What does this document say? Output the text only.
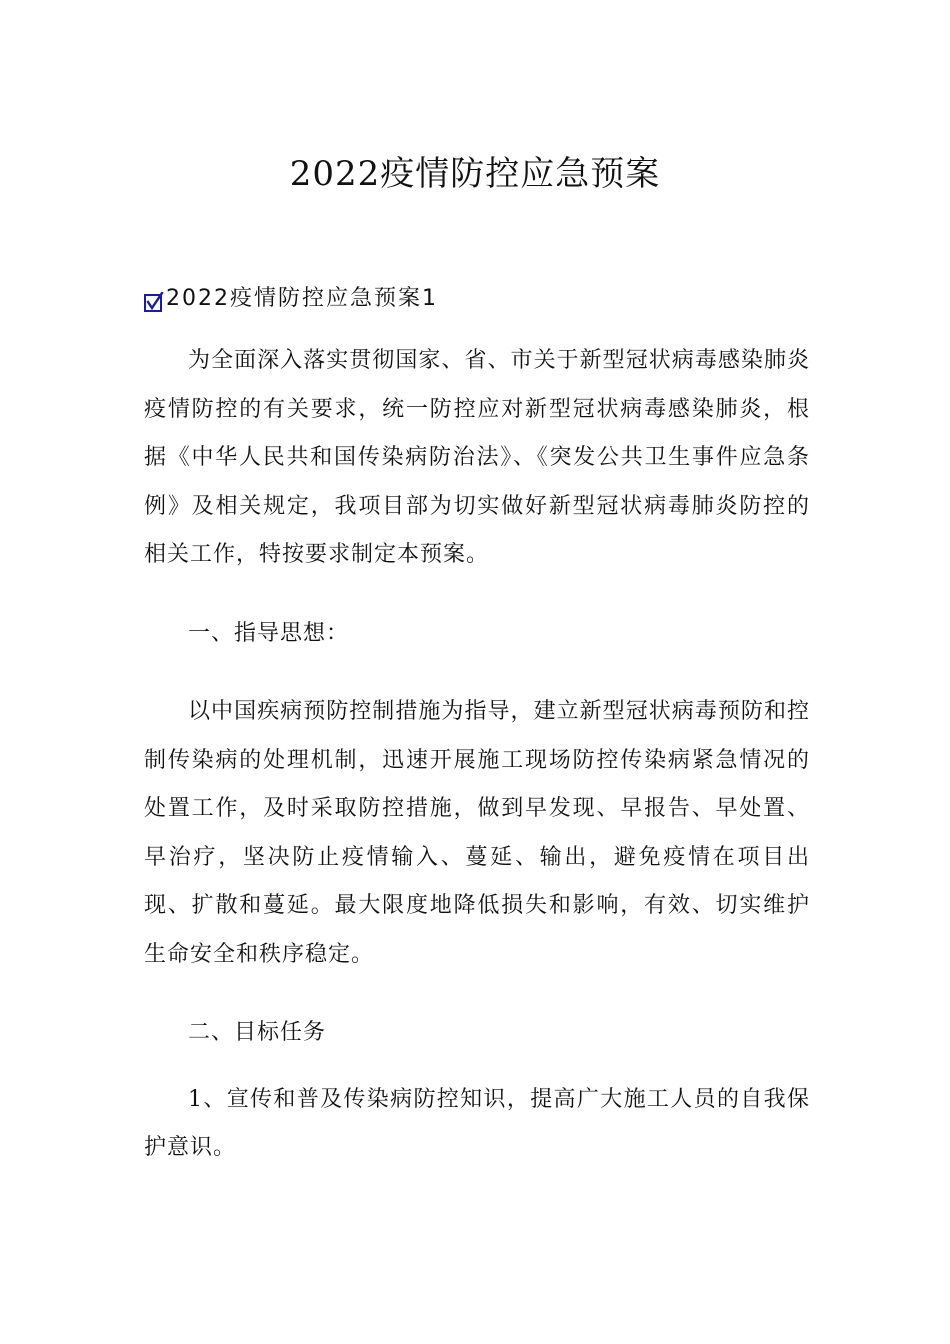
2022疫情防控应急预案
2022疫情防控应急预案1

为全面深入落实贯彻国家、省、市关于新型冠状病毒感染肺炎疫情防控的有关要求，统一防控应对新型冠状病毒感染肺炎，根据《中华人民共和国传染病防治法》、《突发公共卫生事件应急条例》及相关规定，我项目部为切实做好新型冠状病毒肺炎防控的相关工作，特按要求制定本预案。

一、指导思想：

以中国疾病预防控制措施为指导，建立新型冠状病毒预防和控制传染病的处理机制，迅速开展施工现场防控传染病紧急情况的处置工作，及时采取防控措施，做到早发现、早报告、早处置、早治疗，坚决防止疫情输入、蔓延、输出，避免疫情在项目出现、扩散和蔓延。最大限度地降低损失和影响，有效、切实维护生命安全和秩序稳定。

二、目标任务

1、宣传和普及传染病防控知识，提高广大施工人员的自我保护意识。
